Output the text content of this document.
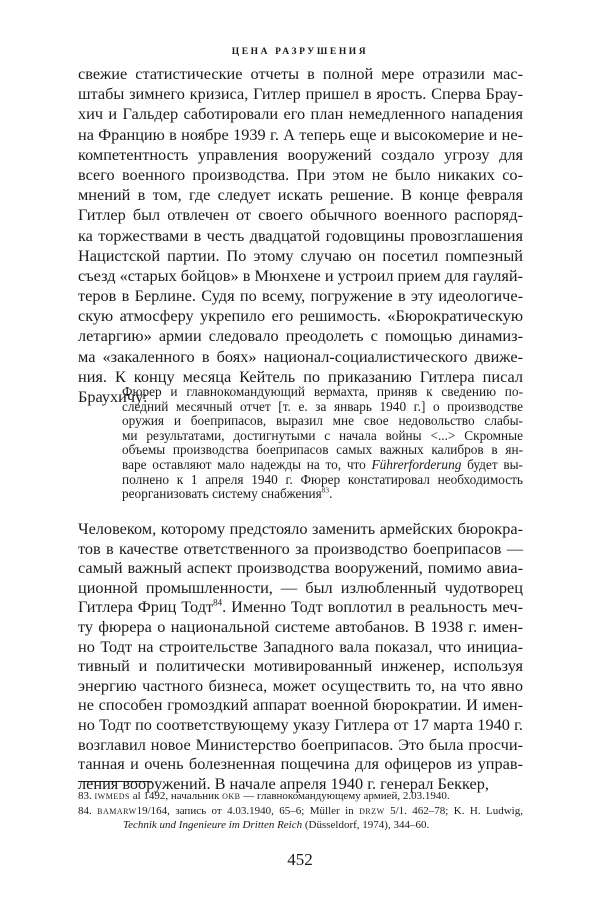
ЦЕНА РАЗРУШЕНИЯ
свежие статистические отчеты в полной мере отразили мас-
штабы зимнего кризиса, Гитлер пришел в ярость. Сперва Брау-
хич и Гальдер саботировали его план немедленного нападения
на Францию в ноябре 1939 г. А теперь еще и высокомерие и не-
компетентность управления вооружений создало угрозу для
всего военного производства. При этом не было никаких со-
мнений в том, где следует искать решение. В конце февраля
Гитлер был отвлечен от своего обычного военного распоряд-
ка торжествами в честь двадцатой годовщины провозглашения
Нацистской партии. По этому случаю он посетил помпезный
съезд «старых бойцов» в Мюнхене и устроил прием для гауляй-
теров в Берлине. Судя по всему, погружение в эту идеологиче-
скую атмосферу укрепило его решимость. «Бюрократическую
летаргию» армии следовало преодолеть с помощью динамиз-
ма «закаленного в боях» национал-социалистического движе-
ния. К концу месяца Кейтель по приказанию Гитлера писал
Браухичу:
Фюрер и главнокомандующий вермахта, приняв к сведению по-
следний месячный отчет [т. е. за январь 1940 г.] о производстве
оружия и боеприпасов, выразил мне свое недовольство слабы-
ми результатами, достигнутыми с начала войны <...> Скромные
объемы производства боеприпасов самых важных калибров в ян-
варе оставляют мало надежды на то, что Führerforderung будет вы-
полнено к 1 апреля 1940 г. Фюрер констатировал необходимость
реорганизовать систему снабжения$^{83}$.
Человеком, которому предстояло заменить армейских бюрокра-
тов в качестве ответственного за производство боеприпасов —
самый важный аспект производства вооружений, помимо авиа-
ционной промышленности, — был излюбленный чудотворец
Гитлера Фриц Тодт$^{84}$. Именно Тодт воплотил в реальность меч-
ту фюрера о национальной системе автобанов. В 1938 г. имен-
но Тодт на строительстве Западного вала показал, что инициа-
тивный и политически мотивированный инженер, используя
энергию частного бизнеса, может осуществить то, на что явно
не способен громоздкий аппарат военной бюрократии. И имен-
но Тодт по соответствующему указу Гитлера от 17 марта 1940 г.
возглавил новое Министерство боеприпасов. Это была просчи-
танная и очень болезненная пощечина для офицеров из управ-
ления вооружений. В начале апреля 1940 г. генерал Беккер,
83. iwmeds al 1492, начальник okb — главнокомандующему армией, 2.03.1940.
84. bamarw19/164, запись от 4.03.1940, 65–6; Müller in drzw 5/1. 462–78; K. H. Ludwig,
Technik und Ingenieure im Dritten Reich (Düsseldorf, 1974), 344–60.
452
